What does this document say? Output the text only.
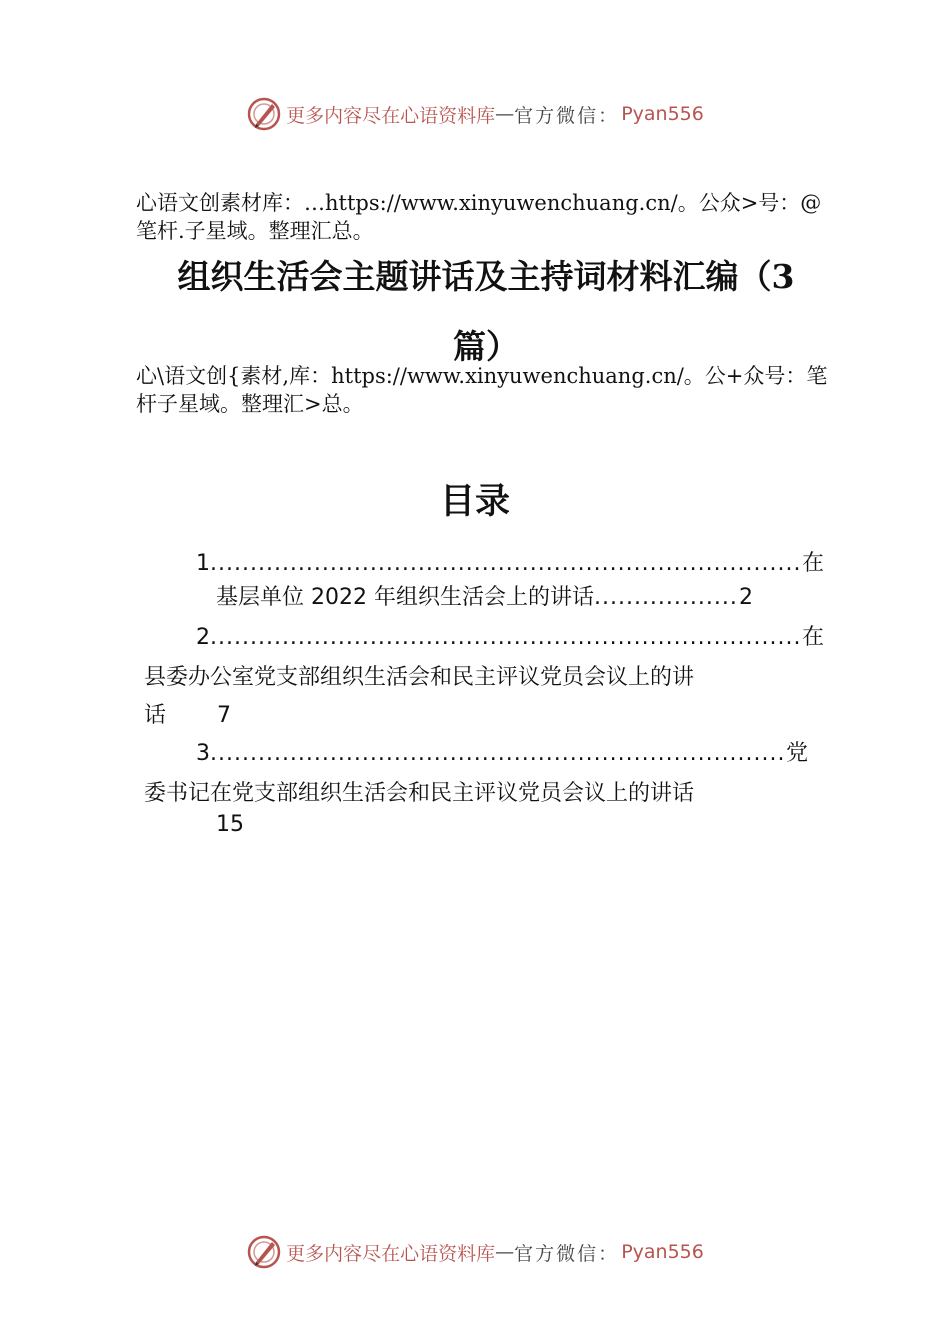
更多内容尽在心语资料库 — 官方微信： Pyan556
心语文创素材库：…https://www.xinyuwenchuang.cn/。公众>号：@笔杆.子星域。整理汇总。
组织生活会主题讲话及主持词材料汇编（3
篇）
心\语文创{素材,库：https://www.xinyuwenchuang.cn/。公+众号：笔杆子星域。整理汇>总。
目录
1 .....	在
基层单位 2022 年组织生活会上的讲话 .....	2
2 .....	在
县委办公室党支部组织生活会和民主评议党员会议上的讲
话 7
3 .....	党
委书记在党支部组织生活会和民主评议党员会议上的讲话
15
更多内容尽在心语资料库 — 官方微信： Pyan556
